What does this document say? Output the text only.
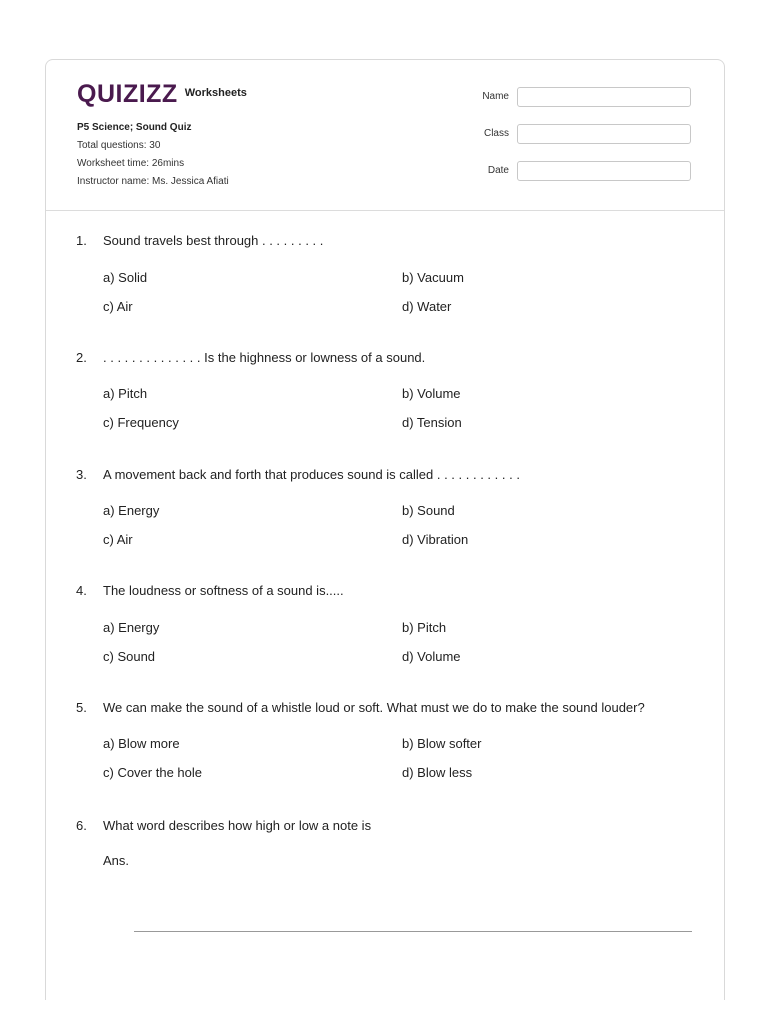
QUIZIZZ Worksheets
P5 Science; Sound Quiz
Total questions: 30
Worksheet time: 26mins
Instructor name: Ms. Jessica Afiati
Name
Class
Date
1.	Sound travels best through . . . . . . . . .
a) Solid	b) Vacuum
c) Air	d) Water
2.	. . . . . . . . . . . . . . Is the highness or lowness of a sound.
a) Pitch	b) Volume
c) Frequency	d) Tension
3.	A movement back and forth that produces sound is called . . . . . . . . . . . .
a) Energy	b) Sound
c) Air	d) Vibration
4.	The loudness or softness of a sound is.....
a) Energy	b) Pitch
c) Sound	d) Volume
5.	We can make the sound of a whistle loud or soft. What must we do to make the sound louder?
a) Blow more	b) Blow softer
c) Cover the hole	d) Blow less
6.	What word describes how high or low a note is
Ans.
